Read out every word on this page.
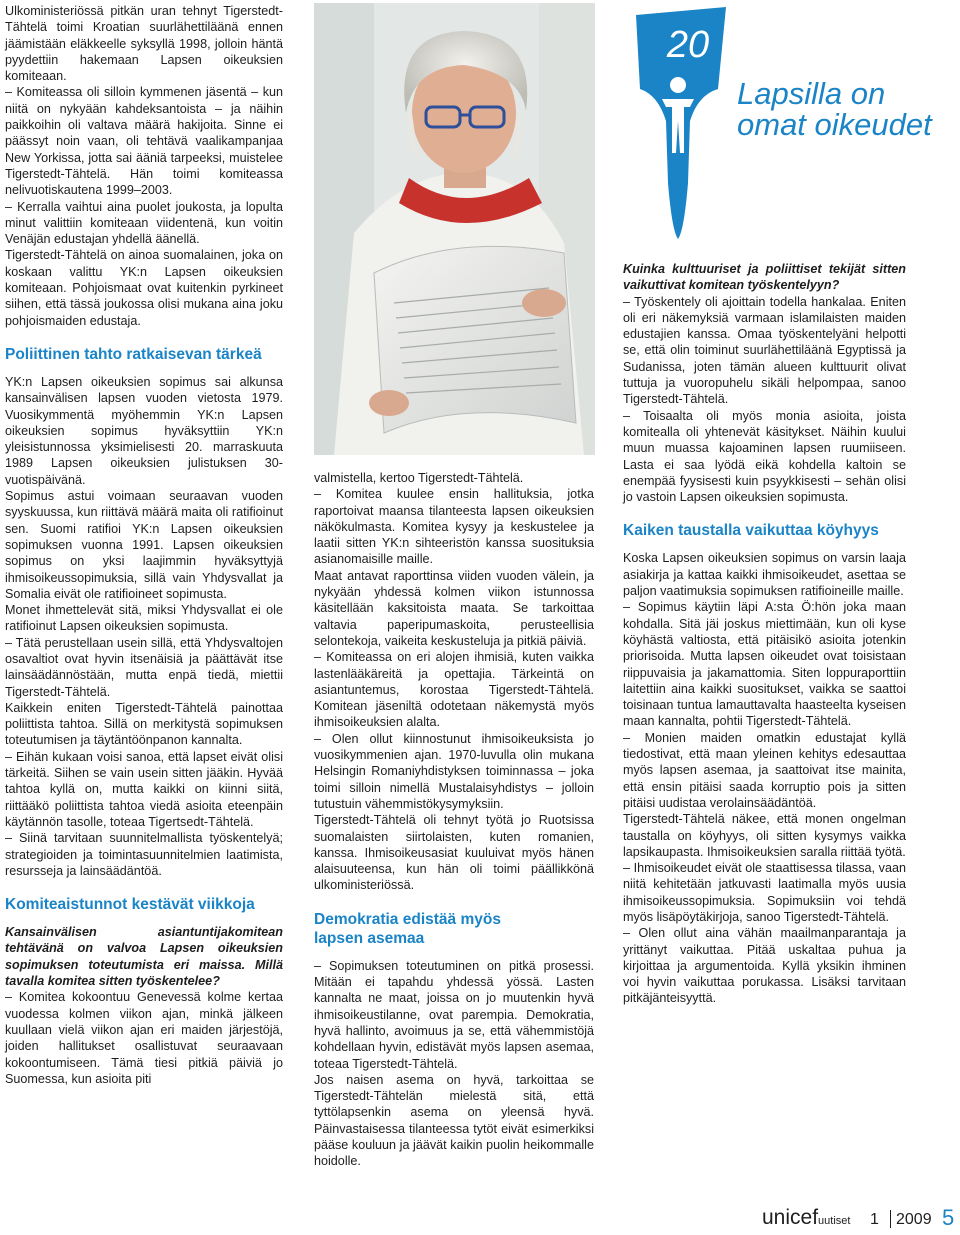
Ulkoministeriössä pitkän uran tehnyt Tigerstedt-Tähtelä toimi Kroatian suurlähettiläänä ennen jäämistään eläkkeelle syksyllä 1998, jolloin häntä pyydettiin hakemaan Lapsen oikeuksien komiteaan.

– Komiteassa oli silloin kymmenen jäsentä – kun niitä on nykyään kahdeksantoista – ja näihin paikkoihin oli valtava määrä hakijoita. Sinne ei päässyt noin vaan, oli tehtävä vaalikampanjaa New Yorkissa, jotta sai ääniä tarpeeksi, muistelee Tigerstedt-Tähtelä. Hän toimi komiteassa nelivuotiskautena 1999–2003.

– Kerralla vaihtui aina puolet joukosta, ja lopulta minut valittiin komiteaan viidentenä, kun voitin Venäjän edustajan yhdellä äänellä.

Tigerstedt-Tähtelä on ainoa suomalainen, joka on koskaan valittu YK:n Lapsen oikeuksien komiteaan. Pohjoismaat ovat kuitenkin pyrkineet siihen, että tässä joukossa olisi mukana aina joku pohjoismaiden edustaja.

Poliittinen tahto ratkaisevan tärkeä

YK:n Lapsen oikeuksien sopimus sai alkunsa kansainvälisen lapsen vuoden vietosta 1979. Vuosikymmentä myöhemmin YK:n Lapsen oikeuksien sopimus hyväksyttiin YK:n yleisistunnossa yksimielisesti 20. marraskuuta 1989 Lapsen oikeuksien julistuksen 30-vuotispäivänä.

Sopimus astui voimaan seuraavan vuoden syyskuussa, kun riittävä määrä maita oli ratifioinut sen. Suomi ratifioi YK:n Lapsen oikeuksien sopimuksen vuonna 1991. Lapsen oikeuksien sopimus on yksi laajimmin hyväksyttyjä ihmisoikeussopimuksia, sillä vain Yhdysvallat ja Somalia eivät ole ratifioineet sopimusta.

Monet ihmettelevät sitä, miksi Yhdysvallat ei ole ratifioinut Lapsen oikeuksien sopimusta.

– Tätä perustellaan usein sillä, että Yhdysvaltojen osavaltiot ovat hyvin itsenäisiä ja päättävät itse lainsäädännöstään, mutta enpä tiedä, miettii Tigerstedt-Tähtelä.

Kaikkein eniten Tigerstedt-Tähtelä painottaa poliittista tahtoa. Sillä on merkitystä sopimuksen toteutumisen ja täytäntöönpanon kannalta.

– Eihän kukaan voisi sanoa, että lapset eivät olisi tärkeitä. Siihen se vain usein sitten jääkin. Hyvää tahtoa kyllä on, mutta kaikki on kiinni siitä, riittääkö poliittista tahtoa viedä asioita eteenpäin käytännön tasolle, toteaa Tigertsedt-Tähtelä.

– Siinä tarvitaan suunnitelmallista työskentelyä; strategioiden ja toimintasuunnitelmien laatimista, resursseja ja lainsäädäntöä.

Komiteaistunnot kestävät viikkoja

Kansainvälisen asiantuntijakomitean tehtävänä on valvoa Lapsen oikeuksien sopimuksen toteutumista eri maissa. Millä tavalla komitea sitten työskentelee?

– Komitea kokoontuu Genevessä kolme kertaa vuodessa kolmen viikon ajan, minkä jälkeen kuullaan vielä viikon ajan eri maiden järjestöjä, joiden hallitukset osallistuvat seuraavaan kokoontumiseen. Tämä tiesi pitkiä päiviä jo Suomessa, kun asioita piti

20
Lapsilla on
omat oikeudet

valmistella, kertoo Tigerstedt-Tähtelä.

– Komitea kuulee ensin hallituksia, jotka raportoivat maansa tilanteesta lapsen oikeuksien näkökulmasta. Komitea kysyy ja keskustelee ja laatii sitten YK:n sihteeristön kanssa suosituksia asianomaisille maille.

Maat antavat raporttinsa viiden vuoden välein, ja nykyään yhdessä kolmen viikon istunnossa käsitellään kaksitoista maata. Se tarkoittaa valtavia paperipumaskoita, perusteellisia selontekoja, vaikeita keskusteluja ja pitkiä päiviä.

– Komiteassa on eri alojen ihmisiä, kuten vaikka lastenlääkäreitä ja opettajia. Tärkeintä on asiantuntemus, korostaa Tigerstedt-Tähtelä. Komitean jäseniltä odotetaan näkemystä myös ihmisoikeuksien alalta.

– Olen ollut kiinnostunut ihmisoikeuksista jo vuosikymmenien ajan. 1970-luvulla olin mukana Helsingin Romaniyhdistyksen toiminnassa – joka toimi silloin nimellä Mustalaisyhdistys – jolloin tutustuin vähemmistökysymyksiin.

Tigerstedt-Tähtelä oli tehnyt työtä jo Ruotsissa suomalaisten siirtolaisten, kuten romanien, kanssa. Ihmisoikeusasiat kuuluivat myös hänen alaisuuteensa, kun hän oli toimi päällikkönä ulkoministeriössä.

Demokratia edistää myös
lapsen asemaa

– Sopimuksen toteutuminen on pitkä prosessi. Mitään ei tapahdu yhdessä yössä. Lasten kannalta ne maat, joissa on jo muutenkin hyvä ihmisoikeustilanne, ovat parempia. Demokratia, hyvä hallinto, avoimuus ja se, että vähemmistöjä kohdellaan hyvin, edistävät myös lapsen asemaa, toteaa Tigerstedt-Tähtelä.

Jos naisen asema on hyvä, tarkoittaa se Tigerstedt-Tähtelän mielestä sitä, että tyttölapsenkin asema on yleensä hyvä. Päinvastaisessa tilanteessa tytöt eivät esimerkiksi pääse kouluun ja jäävät kaikin puolin heikommalle hoidolle.

Kuinka kulttuuriset ja poliittiset tekijät sitten vaikuttivat komitean työskentelyyn?

– Työskentely oli ajoittain todella hankalaa. Eniten oli eri näkemyksiä varmaan islamilaisten maiden edustajien kanssa. Omaa työskentelyäni helpotti se, että olin toiminut suurlähettiläänä Egyptissä ja Sudanissa, joten tämän alueen kulttuurit olivat tuttuja ja vuoropuhelu sikäli helpompaa, sanoo Tigerstedt-Tähtelä.

– Toisaalta oli myös monia asioita, joista komiteallа oli yhtenevät käsitykset. Näihin kuului muun muassa kajoaminen lapsen ruumiiseen. Lasta ei saa lyödä eikä kohdella kaltoin se enempää fyysisesti kuin psyykkisesti – sehän olisi jo vastoin Lapsen oikeuksien sopimusta.

Kaiken taustalla vaikuttaa köyhyys

Koska Lapsen oikeuksien sopimus on varsin laaja asiakirja ja kattaa kaikki ihmisoikeudet, asettaa se paljon vaatimuksia sopimuksen ratifioineille maille.

– Sopimus käytiin läpi A:sta Ö:hön joka maan kohdalla. Sitä jäi joskus miettimään, kun oli kyse köyhästä valtiosta, että pitäisikö asioita jotenkin priorisoida. Mutta lapsen oikeudet ovat toisistaan riippuvaisia ja jakamattomia. Siten loppuraporttiin laitettiin aina kaikki suositukset, vaikka se saattoi toisinaan tuntua lamauttavalta haasteelta kyseisen maan kannalta, pohtii Tigerstedt-Tähtelä.

– Monien maiden omatkin edustajat kyllä tiedostivat, että maan yleinen kehitys edesauttaa myös lapsen asemaa, ja saattoivat itse mainita, että ensin pitäisi saada korruptio pois ja sitten pitäisi uudistaa verolainsäädäntöä.

Tigerstedt-Tähtelä näkee, että monen ongelman taustalla on köyhyys, oli sitten kysymys vaikka lapsikaupasta. Ihmisoikeuksien saralla riittää työtä.

– Ihmisoikeudet eivät ole staattisessa tilassa, vaan niitä kehitetään jatkuvasti laatimalla myös uusia ihmisoikeussopimuksia. Sopimuksiin voi tehdä myös lisäpöytäkirjoja, sanoo Tigerstedt-Tähtelä.

– Olen ollut aina vähän maailmanparantaja ja yrittänyt vaikuttaa. Pitää uskaltaa puhua ja kirjoittaa ja argumentoida. Kyllä yksikin ihminen voi hyvin vaikuttaa porukassa. Lisäksi tarvitaan pitkäjänteisyyttä.

unicefuutiset 1 2009 5
